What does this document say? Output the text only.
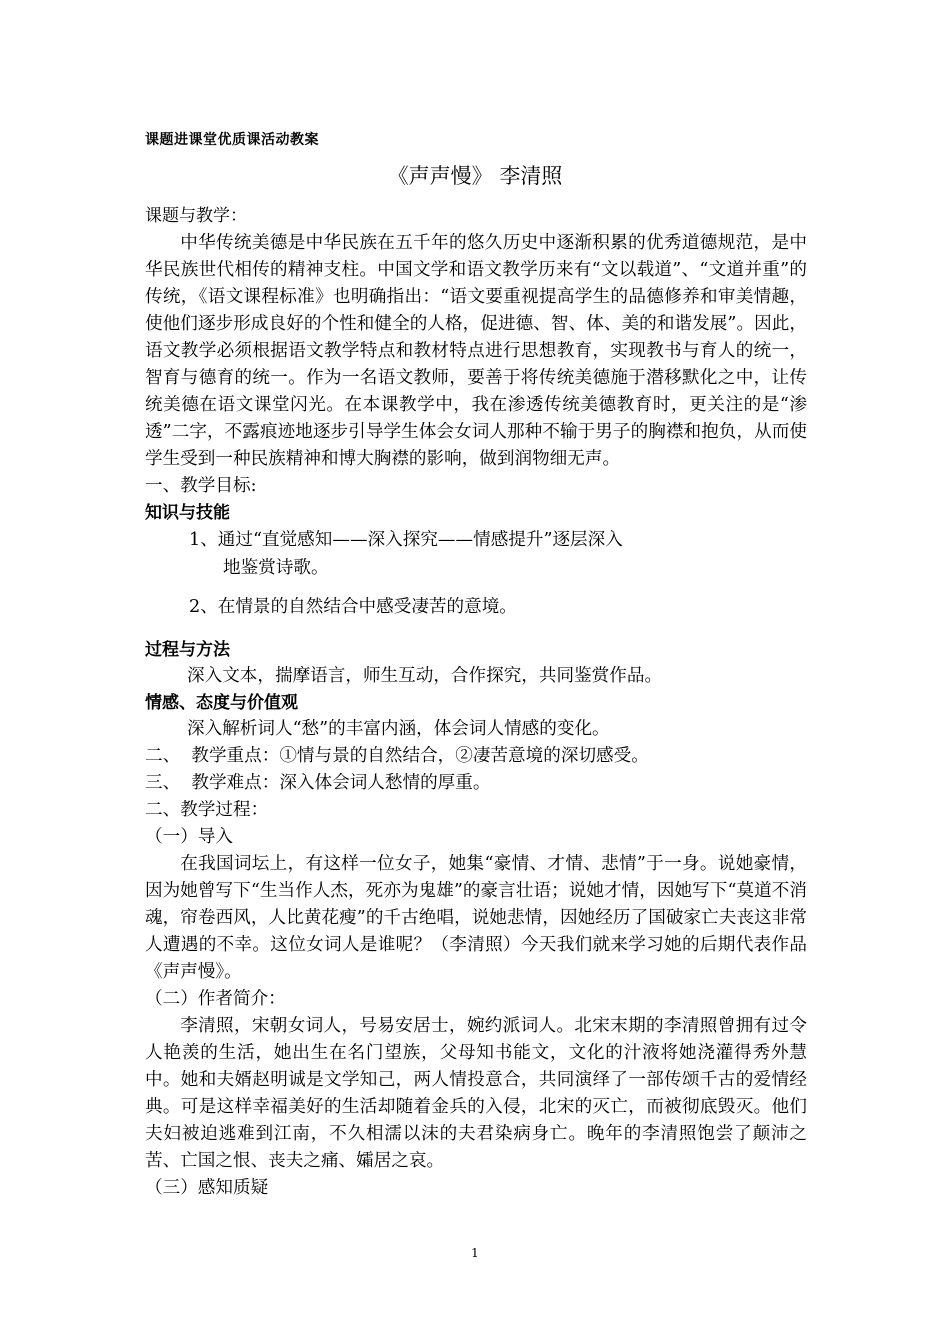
课题进课堂优质课活动教案
《声声慢》 李清照
课题与教学：

中华传统美德是中华民族在五千年的悠久历史中逐渐积累的优秀道德规范，是中华民族世代相传的精神支柱。中国文学和语文教学历来有“文以载道”、“文道并重”的传统，《语文课程标准》也明确指出：“语文要重视提高学生的品德修养和审美情趣，使他们逐步形成良好的个性和健全的人格，促进德、智、体、美的和谐发展”。因此，语文教学必须根据语文教学特点和教材特点进行思想教育，实现教书与育人的统一，智育与德育的统一。作为一名语文教师，要善于将传统美德施于潜移默化之中，让传统美德在语文课堂闪光。在本课教学中，我在渗透传统美德教育时，更关注的是“渗透”二字，不露痕迹地逐步引导学生体会女词人那种不输于男子的胸襟和抱负，从而使学生受到一种民族精神和博大胸襟的影响，做到润物细无声。

一、教学目标:

知识与技能

1、通过“直觉感知——深入探究——情感提升”逐层深入
地鉴赏诗歌。

2、在情景的自然结合中感受凄苦的意境。

过程与方法

深入文本，揣摩语言，师生互动，合作探究，共同鉴赏作品。

情感、态度与价值观

深入解析词人“愁”的丰富内涵，体会词人情感的变化。

二、  教学重点：①情与景的自然结合，②凄苦意境的深切感受。

三、  教学难点：深入体会词人愁情的厚重。

二、教学过程：

（一）导入

在我国词坛上，有这样一位女子，她集“豪情、才情、悲情”于一身。说她豪情，因为她曾写下“生当作人杰，死亦为鬼雄”的豪言壮语；说她才情，因她写下“莫道不消魂，帘卷西风，人比黄花瘦”的千古绝唱，说她悲情，因她经历了国破家亡夫丧这非常人遭遇的不幸。这位女词人是谁呢？（李清照）今天我们就来学习她的后期代表作品《声声慢》。

（二）作者简介：

李清照，宋朝女词人，号易安居士，婉约派词人。北宋末期的李清照曾拥有过令人艳羡的生活，她出生在名门望族，父母知书能文，文化的汁液将她浇灌得秀外慧中。她和夫婿赵明诚是文学知己，两人情投意合，共同演绎了一部传颂千古的爱情经典。可是这样幸福美好的生活却随着金兵的入侵，北宋的灭亡，而被彻底毁灭。他们夫妇被迫逃难到江南，不久相濡以沫的夫君染病身亡。晚年的李清照饱尝了颠沛之苦、亡国之恨、丧夫之痛、孀居之哀。

（三）感知质疑

1
